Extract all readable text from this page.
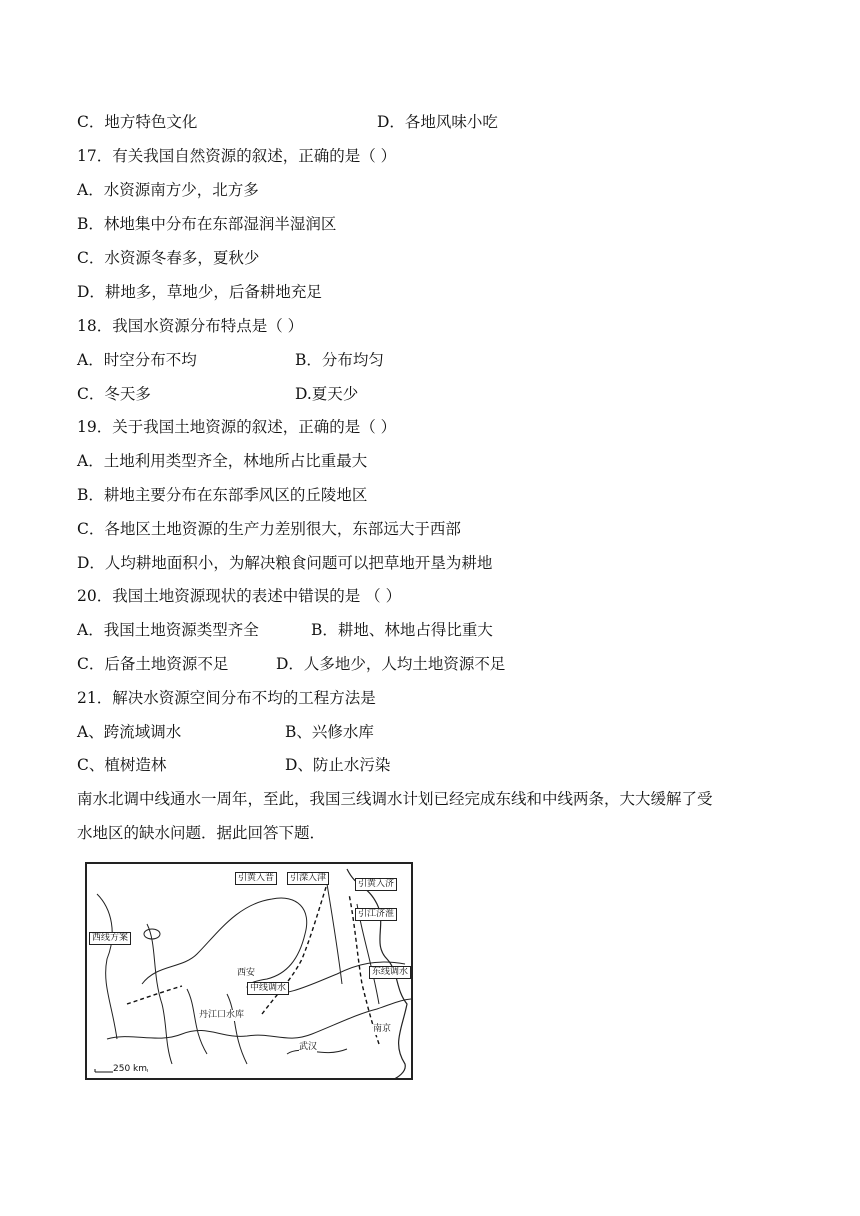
C．地方特色文化	D．各地风味小吃
17．有关我国自然资源的叙述，正确的是（ ）
A．水资源南方少，北方多
B．林地集中分布在东部湿润半湿润区
C．水资源冬春多，夏秋少
D．耕地多，草地少，后备耕地充足
18．我国水资源分布特点是（ ）
A．时空分布不均	B．分布均匀
C．冬天多	D.夏天少
19．关于我国土地资源的叙述，正确的是（ ）
A．土地利用类型齐全，林地所占比重最大
B．耕地主要分布在东部季风区的丘陵地区
C．各地区土地资源的生产力差别很大，东部远大于西部
D．人均耕地面积小，为解决粮食问题可以把草地开垦为耕地
20．我国土地资源现状的表述中错误的是 （ ）
A．我国土地资源类型齐全	B．耕地、林地占得比重大
C．后备土地资源不足	D．人多地少，人均土地资源不足
21．解决水资源空间分布不均的工程方法是
A、跨流域调水	B、兴修水库
C、植树造林	D、防止水污染
南水北调中线通水一周年，至此，我国三线调水计划已经完成东线和中线两条，大大缓解了受
水地区的缺水问题．据此回答下题．
引黄入晋	引滦入津
引黄入济
引江济淮
西线方案
中线调水
东线调水
丹江口水库
西安
武汉
南京
250 km
